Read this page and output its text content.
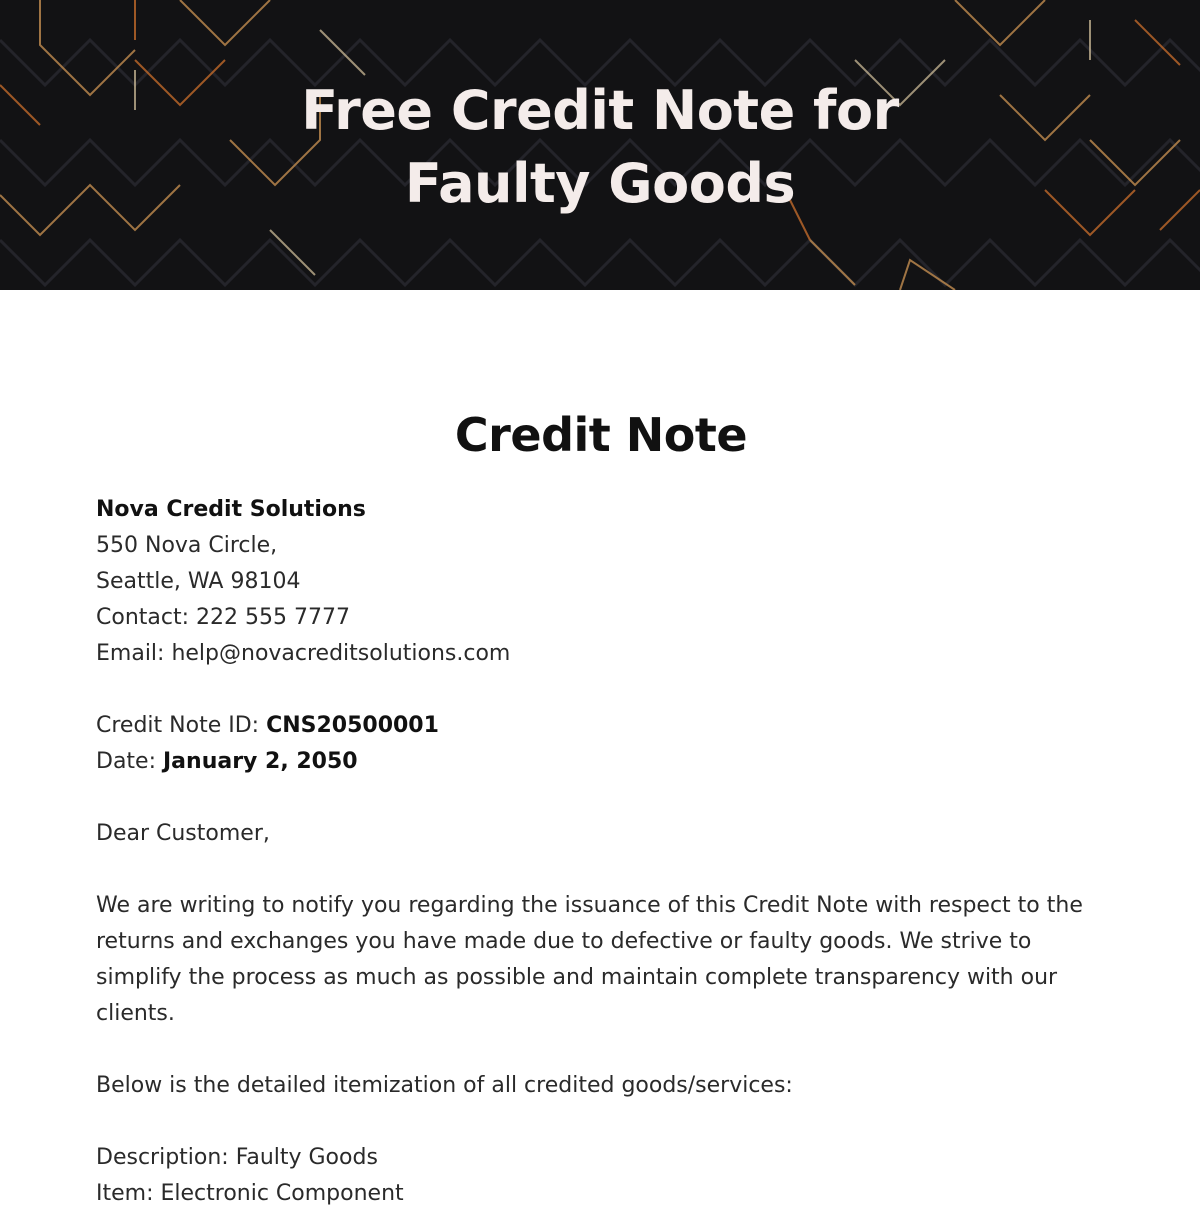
Free Credit Note for
Faulty Goods
Credit Note
Nova Credit Solutions
550 Nova Circle,
Seattle, WA 98104
Contact: 222 555 7777
Email: help@novacreditsolutions.com
Credit Note ID: CNS20500001
Date: January 2, 2050
Dear Customer,
We are writing to notify you regarding the issuance of this Credit Note with respect to the returns and exchanges you have made due to defective or faulty goods. We strive to simplify the process as much as possible and maintain complete transparency with our clients.
Below is the detailed itemization of all credited goods/services:
Description: Faulty Goods
Item: Electronic Component
